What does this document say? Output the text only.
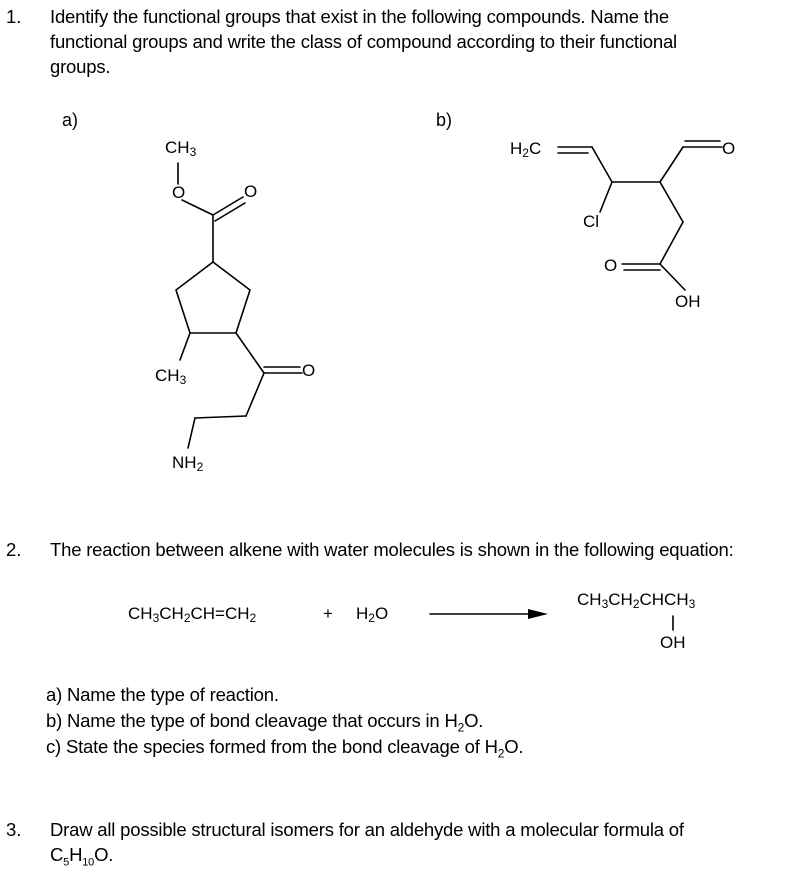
1. Identify the functional groups that exist in the following compounds. Name the
functional groups and write the class of compound according to their functional
groups.
a)	b)
$CH_3$
O	O
$CH_3$	O
$NH_2$
$H_2C$	O
Cl
O
OH
2. The reaction between alkene with water molecules is shown in the following equation:
$CH_3CH_2CH=CH_2$	+ $H_2O$
$CH_3CH_2CHCH_3$
OH
a) Name the type of reaction.
b) Name the type of bond cleavage that occurs in $H_2O$.
c) State the species formed from the bond cleavage of $H_2O$.
3. Draw all possible structural isomers for an aldehyde with a molecular formula of
$C_5H_{10}O$.
